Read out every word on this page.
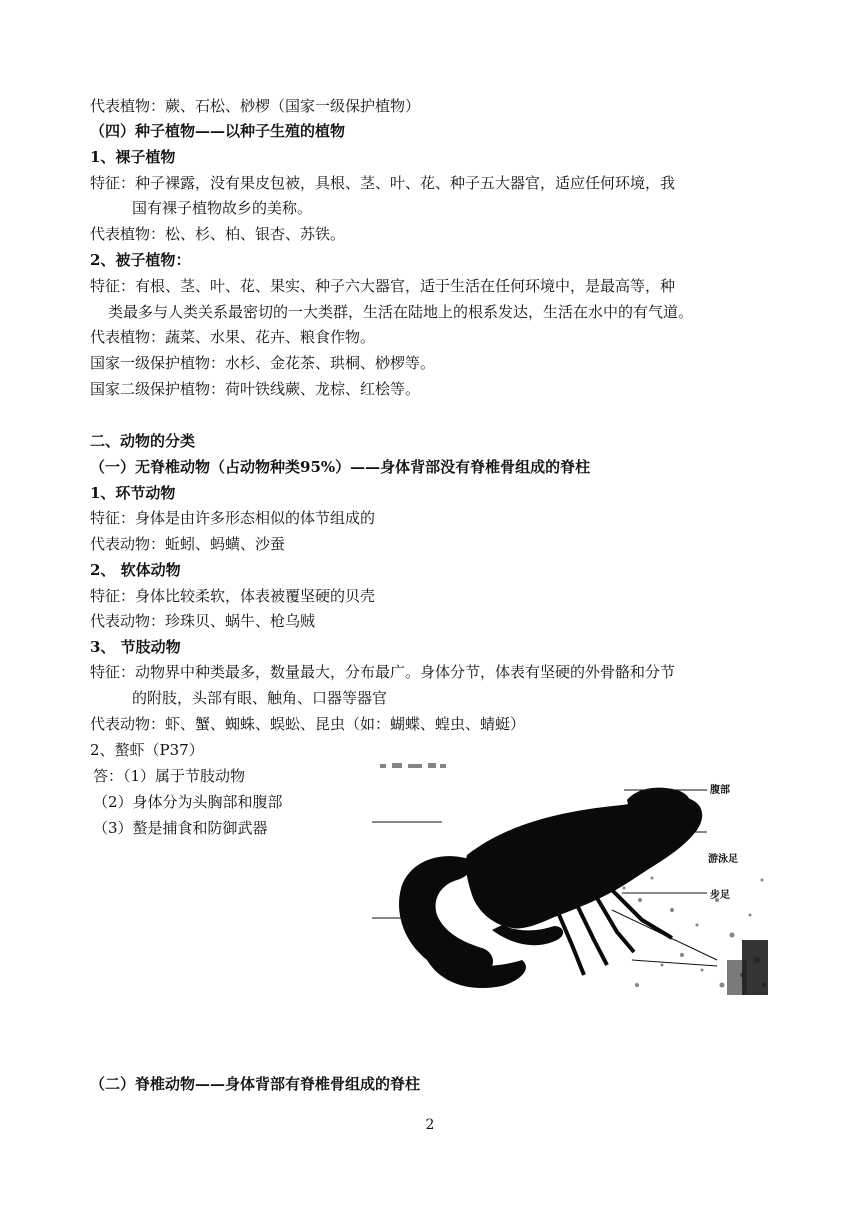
代表植物：蕨、石松、桫椤（国家一级保护植物）
（四）种子植物——以种子生殖的植物
1、裸子植物
特征：种子裸露，没有果皮包被，具根、茎、叶、花、种子五大器官，适应任何环境，我
国有裸子植物故乡的美称。
代表植物：松、杉、柏、银杏、苏铁。
2、被子植物：
特征：有根、茎、叶、花、果实、种子六大器官，适于生活在任何环境中，是最高等，种
类最多与人类关系最密切的一大类群，生活在陆地上的根系发达，生活在水中的有气道。
代表植物：蔬菜、水果、花卉、粮食作物。
国家一级保护植物：水杉、金花茶、珙桐、桫椤等。
国家二级保护植物：荷叶铁线蕨、龙棕、红桧等。
二、动物的分类
（一）无脊椎动物（占动物种类95%）——身体背部没有脊椎骨组成的脊柱
1、环节动物
特征：身体是由许多形态相似的体节组成的
代表动物：蚯蚓、蚂蟥、沙蚕
2、 软体动物
特征：身体比较柔软，体表被覆坚硬的贝壳
代表动物：珍珠贝、蜗牛、枪乌贼
3、 节肢动物
特征：动物界中种类最多，数量最大，分布最广。身体分节，体表有坚硬的外骨骼和分节
的附肢，头部有眼、触角、口器等器官
代表动物：虾、蟹、蜘蛛、蜈蚣、昆虫（如：蝴蝶、蝗虫、蜻蜓）
2、螯虾（P37）
答：（1）属于节肢动物
（2）身体分为头胸部和腹部
（3）螯是捕食和防御武器
腹部
游泳足
步足
（二）脊椎动物——身体背部有脊椎骨组成的脊柱
2
